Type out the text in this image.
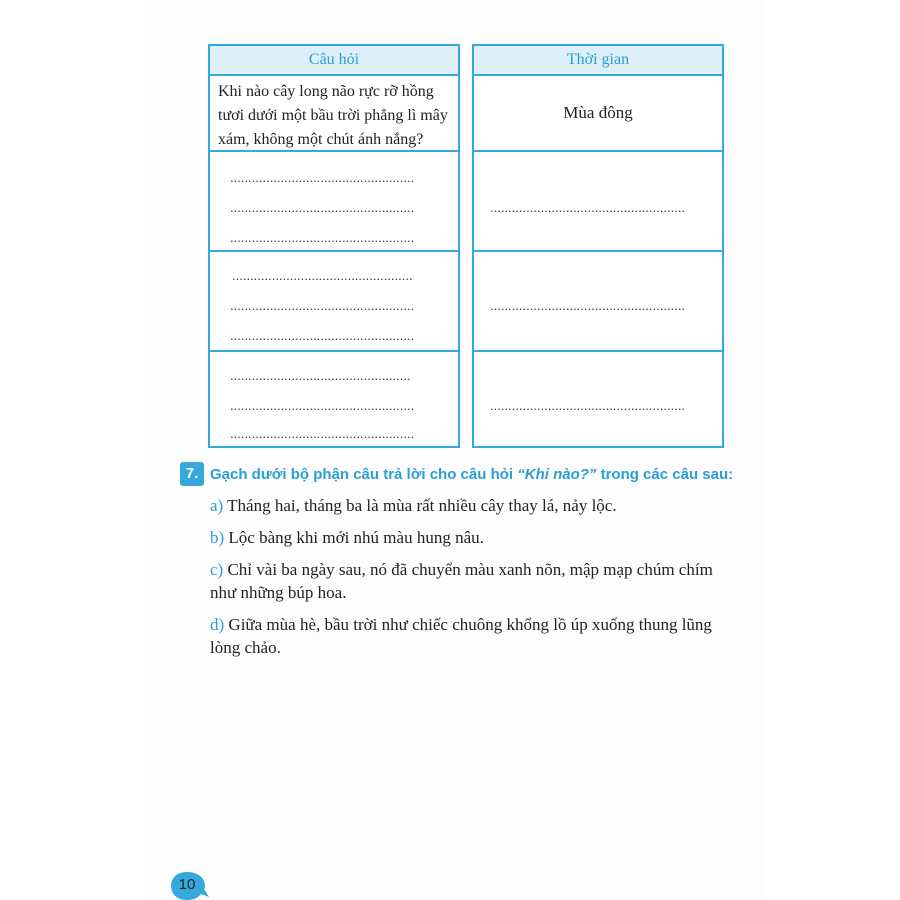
Câu hỏi
Khi nào cây long não rực rỡ hồng tươi dưới một bầu trời phẳng lì mây xám, không một chút ánh nắng?
...................................................
...................................................
...................................................
..................................................
...................................................
...................................................
..................................................
...................................................
...................................................
Thời gian
Mùa đông
......................................................
......................................................
......................................................
7. Gạch dưới bộ phận câu trả lời cho câu hỏi “Khi nào?” trong các câu sau:
a) Tháng hai, tháng ba là mùa rất nhiều cây thay lá, nảy lộc.
b) Lộc bàng khi mới nhú màu hung nâu.
c) Chỉ vài ba ngày sau, nó đã chuyển màu xanh nõn, mập mạp chúm chím như những búp hoa.
d) Giữa mùa hè, bầu trời như chiếc chuông khổng lồ úp xuống thung lũng lòng chảo.
10
